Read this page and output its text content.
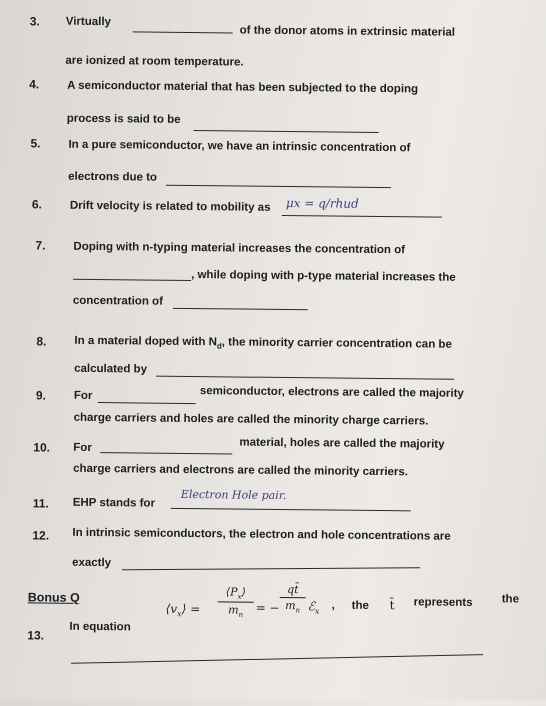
3. Virtually
of the donor atoms in extrinsic material
are ionized at room temperature.
4. A semiconductor material that has been subjected to the doping
process is said to be
5. In a pure semiconductor, we have an intrinsic concentration of
electrons due to
6. Drift velocity is related to mobility as μx = q/rhud
7. Doping with n-typing material increases the concentration of
, while doping with p-type material increases the
concentration of
8. In a material doped with $N_d$, the minority carrier concentration can be
calculated by
9. For	semiconductor, electrons are called the majority
charge carriers and holes are called the minority charge carriers.
10. For	material, holes are called the majority
charge carriers and electrons are called the minority carriers.
11. EHP stands for
Electron Hole pair.
12. In intrinsic semiconductors, the electron and hole concentrations are
exactly
Bonus Q
13.
In equation
$⟨v_x⟩$ =
$⟨P_x⟩$
$m_n$	= −
qt̄
$m_n$ ℰ$_x$ , the t̄ represents	the
